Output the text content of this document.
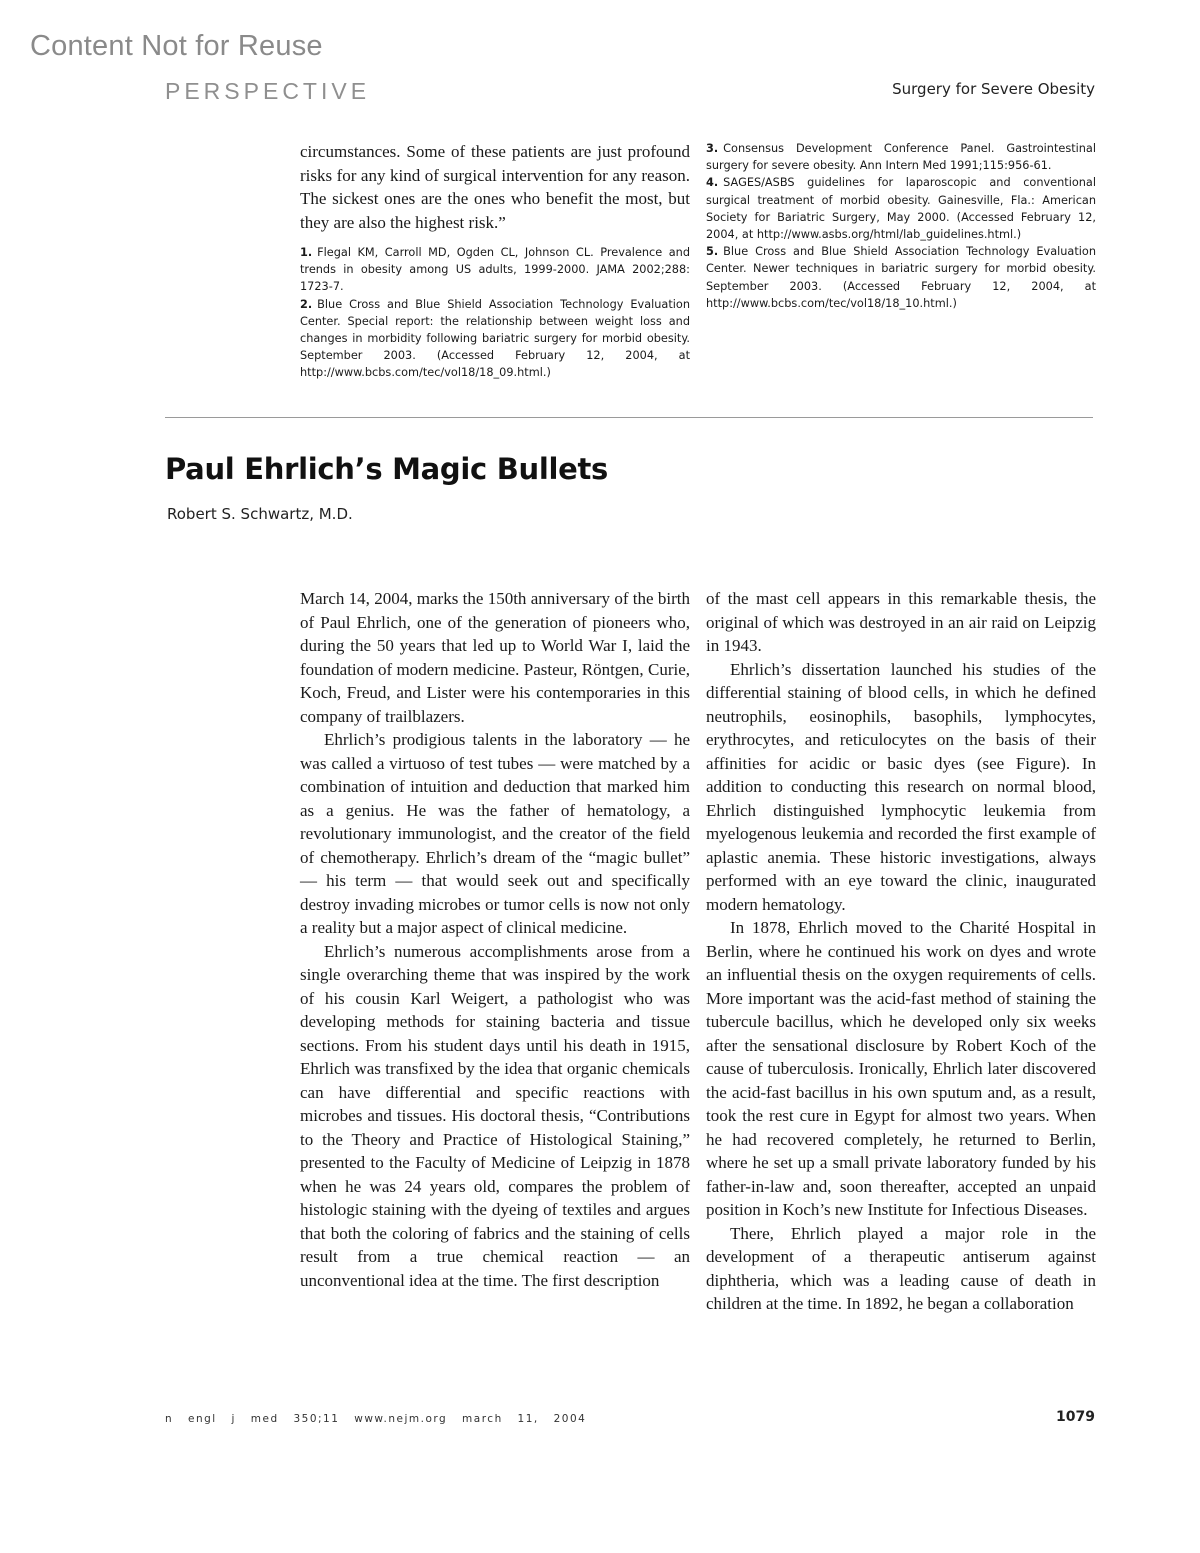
Content Not for Reuse
PERSPECTIVE	Surgery for Severe Obesity

circumstances. Some of these patients are just profound risks for any kind of surgical intervention for any reason. The sickest ones are the ones who benefit the most, but they are also the highest risk.”

1. Flegal KM, Carroll MD, Ogden CL, Johnson CL. Prevalence and trends in obesity among US adults, 1999-2000. JAMA 2002;288: 1723-7.

2. Blue Cross and Blue Shield Association Technology Evaluation Center. Special report: the relationship between weight loss and changes in morbidity following bariatric surgery for morbid obesity. September 2003. (Accessed February 12, 2004, at http://www.bcbs.com/tec/vol18/18_09.html.)

3. Consensus Development Conference Panel. Gastrointestinal surgery for severe obesity. Ann Intern Med 1991;115:956-61.

4. SAGES/ASBS guidelines for laparoscopic and conventional surgical treatment of morbid obesity. Gainesville, Fla.: American Society for Bariatric Surgery, May 2000. (Accessed February 12, 2004, at http://www.asbs.org/html/lab_guidelines.html.)

5. Blue Cross and Blue Shield Association Technology Evaluation Center. Newer techniques in bariatric surgery for morbid obesity. September 2003. (Accessed February 12, 2004, at http://www.bcbs.com/tec/vol18/18_10.html.)

Paul Ehrlich’s Magic Bullets
Robert S. Schwartz, M.D.

March 14, 2004, marks the 150th anniversary of the birth of Paul Ehrlich, one of the generation of pioneers who, during the 50 years that led up to World War I, laid the foundation of modern medicine. Pasteur, Röntgen, Curie, Koch, Freud, and Lister were his contemporaries in this company of trailblazers.

Ehrlich’s prodigious talents in the laboratory — he was called a virtuoso of test tubes — were matched by a combination of intuition and deduction that marked him as a genius. He was the father of hematology, a revolutionary immunologist, and the creator of the field of chemotherapy. Ehrlich’s dream of the “magic bullet” — his term — that would seek out and specifically destroy invading microbes or tumor cells is now not only a reality but a major aspect of clinical medicine.

Ehrlich’s numerous accomplishments arose from a single overarching theme that was inspired by the work of his cousin Karl Weigert, a pathologist who was developing methods for staining bacteria and tissue sections. From his student days until his death in 1915, Ehrlich was transfixed by the idea that organic chemicals can have differential and specific reactions with microbes and tissues. His doctoral thesis, “Contributions to the Theory and Practice of Histological Staining,” presented to the Faculty of Medicine of Leipzig in 1878 when he was 24 years old, compares the problem of histologic staining with the dyeing of textiles and argues that both the coloring of fabrics and the staining of cells result from a true chemical reaction — an unconventional idea at the time. The first description

of the mast cell appears in this remarkable thesis, the original of which was destroyed in an air raid on Leipzig in 1943.

Ehrlich’s dissertation launched his studies of the differential staining of blood cells, in which he defined neutrophils, eosinophils, basophils, lymphocytes, erythrocytes, and reticulocytes on the basis of their affinities for acidic or basic dyes (see Figure). In addition to conducting this research on normal blood, Ehrlich distinguished lymphocytic leukemia from myelogenous leukemia and recorded the first example of aplastic anemia. These historic investigations, always performed with an eye toward the clinic, inaugurated modern hematology.

In 1878, Ehrlich moved to the Charité Hospital in Berlin, where he continued his work on dyes and wrote an influential thesis on the oxygen requirements of cells. More important was the acid-fast method of staining the tubercule bacillus, which he developed only six weeks after the sensational disclosure by Robert Koch of the cause of tuberculosis. Ironically, Ehrlich later discovered the acid-fast bacillus in his own sputum and, as a result, took the rest cure in Egypt for almost two years. When he had recovered completely, he returned to Berlin, where he set up a small private laboratory funded by his father-in-law and, soon thereafter, accepted an unpaid position in Koch’s new Institute for Infectious Diseases.

There, Ehrlich played a major role in the development of a therapeutic antiserum against diphtheria, which was a leading cause of death in children at the time. In 1892, he began a collaboration

n engl j med 350;11 www.nejm.org march 11, 2004	1079
